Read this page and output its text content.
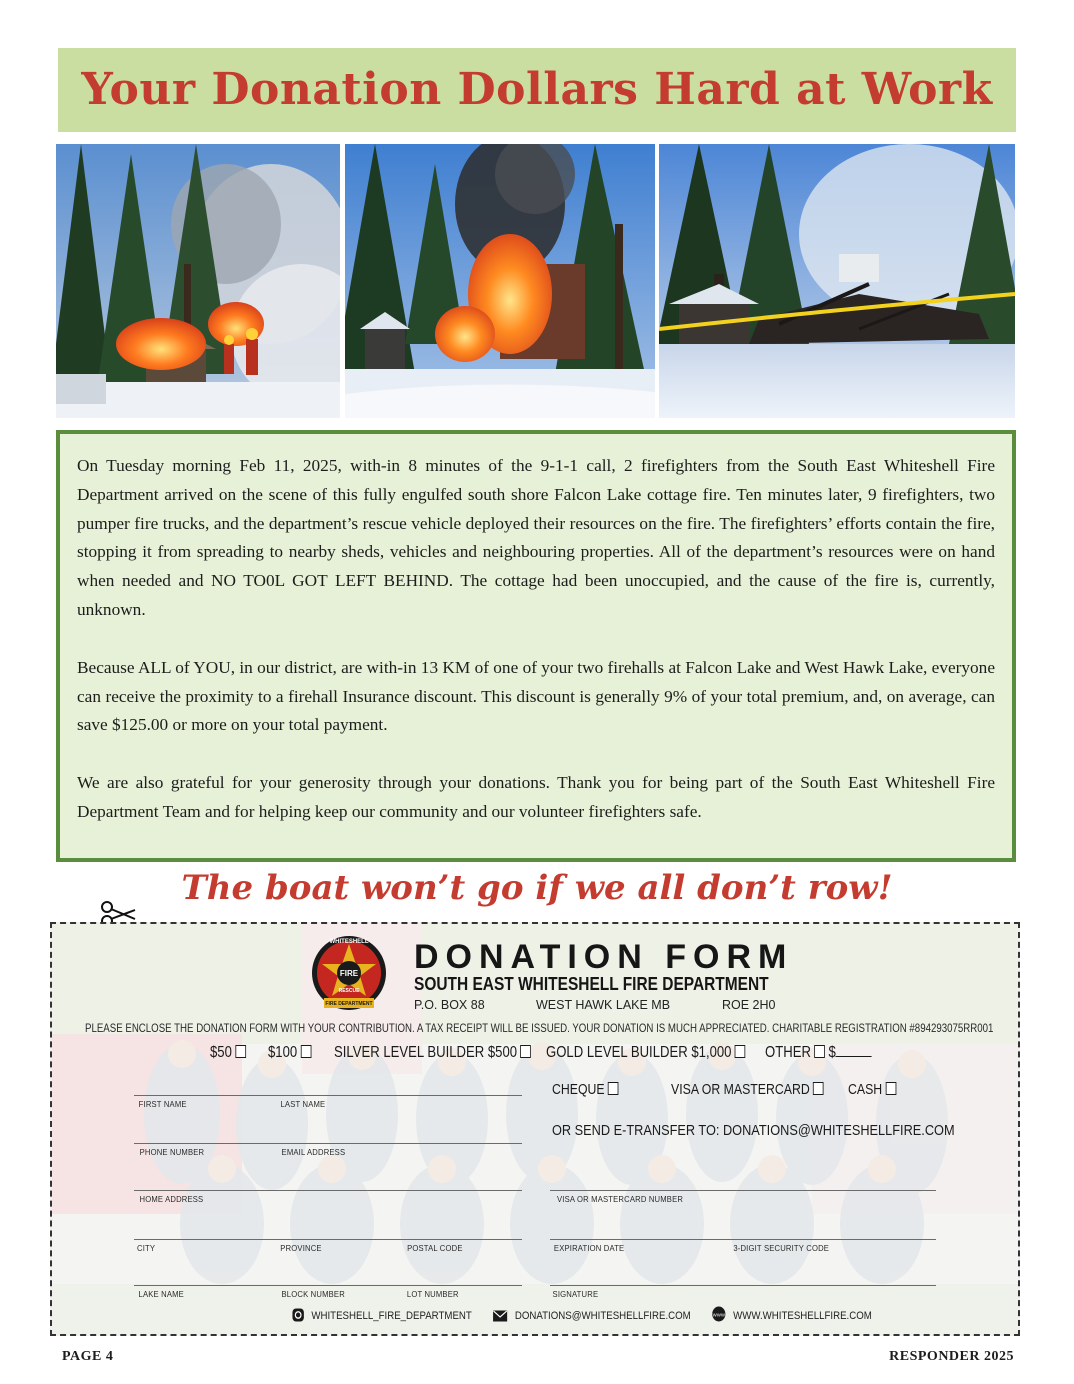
Your Donation Dollars Hard at Work

On Tuesday morning Feb 11, 2025, with-in 8 minutes of the 9-1-1 call, 2 firefighters from the South East Whiteshell Fire Department arrived on the scene of this fully engulfed south shore Falcon Lake cottage fire. Ten minutes later, 9 firefighters, two pumper fire trucks, and the department’s rescue vehicle deployed their resources on the fire. The firefighters’ efforts contain the fire, stopping it from spreading to nearby sheds, vehicles and neighbouring properties. All of the department’s resources were on hand when needed and NO TO0L GOT LEFT BEHIND. The cottage had been unoccupied, and the cause of the fire is, currently, unknown.

Because ALL of YOU, in our district, are with-in 13 KM of one of your two firehalls at Falcon Lake and West Hawk Lake, everyone can receive the proximity to a firehall Insurance discount. This discount is generally 9% of your total premium, and, on average, can save $125.00 or more on your total payment.

We are also grateful for your generosity through your donations. Thank you for being part of the South East Whiteshell Fire Department Team and for helping keep our community and our volunteer firefighters safe.

The boat won’t go if we all don’t row!
WHITESHELL
FIRE
RESCUE
FIRE DEPARTMENT
DONATION FORM
SOUTH EAST WHITESHELL FIRE DEPARTMENT
P.O. BOX 88	WEST HAWK LAKE MB	ROE 2H0
PLEASE ENCLOSE THE DONATION FORM WITH YOUR CONTRIBUTION. A TAX RECEIPT WILL BE ISSUED. YOUR DONATION IS MUCH APPRECIATED. CHARITABLE REGISTRATION #894293075RR001
$50	$100	SILVER LEVEL BUILDER $500	GOLD LEVEL BUILDER $1,000	OTHER $
CHEQUE	VISA OR MASTERCARD	CASH
OR SEND E-TRANSFER TO: DONATIONS@WHITESHELLFIRE.COM
FIRST NAME	LAST NAME
PHONE NUMBER	EMAIL ADDRESS
HOME ADDRESS
CITY	PROVINCE	POSTAL CODE
LAKE NAME	BLOCK NUMBER	LOT NUMBER
VISA OR MASTERCARD NUMBER
EXPIRATION DATE	3-DIGIT SECURITY CODE
SIGNATURE
WHITESHELL_FIRE_DEPARTMENT	DONATIONS@WHITESHELLFIRE.COM	WWW WWW.WHITESHELLFIRE.COM
PAGE 4	RESPONDER 2025
